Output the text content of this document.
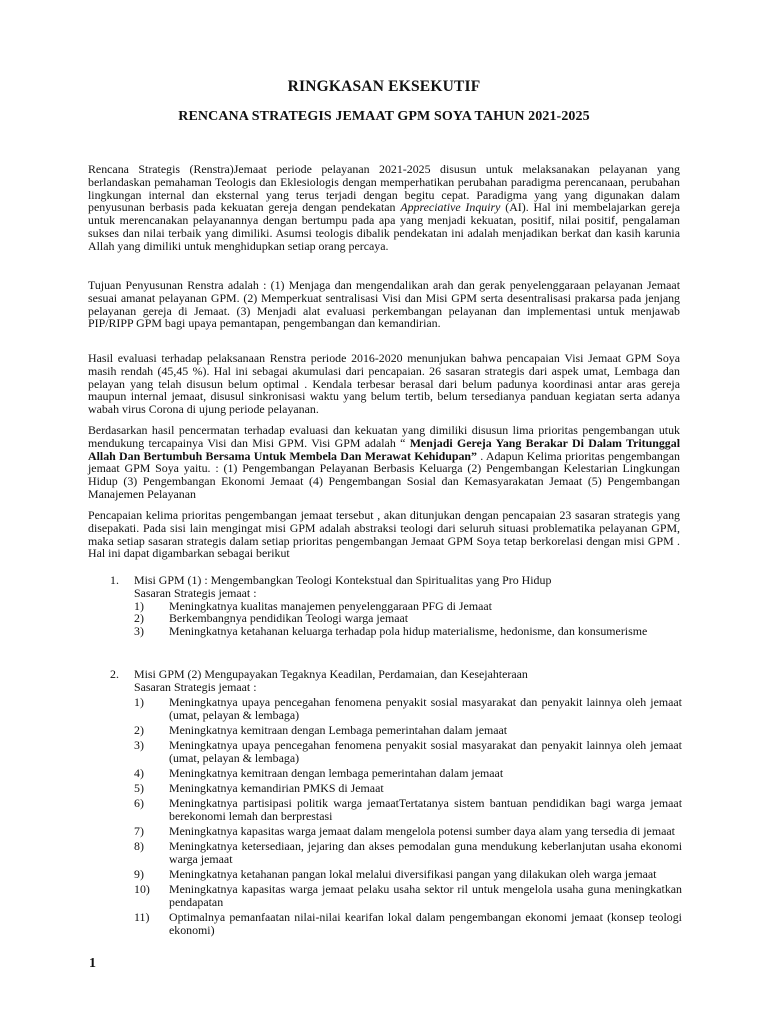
RINGKASAN EKSEKUTIF
RENCANA STRATEGIS JEMAAT GPM SOYA TAHUN 2021-2025
Rencana Strategis (Renstra)Jemaat periode pelayanan 2021-2025 disusun untuk melaksanakan pelayanan yang berlandaskan pemahaman Teologis dan Eklesiologis dengan memperhatikan perubahan paradigma perencanaan, perubahan lingkungan internal dan eksternal yang terus terjadi dengan begitu cepat. Paradigma yang yang digunakan dalam penyusunan berbasis pada kekuatan gereja dengan pendekatan Appreciative Inquiry (AI). Hal ini membelajarkan gereja untuk merencanakan pelayanannya dengan bertumpu pada apa yang menjadi kekuatan, positif, nilai positif, pengalaman sukses dan nilai terbaik yang dimiliki. Asumsi teologis dibalik pendekatan ini adalah menjadikan berkat dan kasih karunia Allah yang dimiliki untuk menghidupkan setiap orang percaya.
Tujuan Penyusunan Renstra adalah : (1) Menjaga dan mengendalikan arah dan gerak penyelenggaraan pelayanan Jemaat sesuai amanat pelayanan GPM. (2) Memperkuat sentralisasi Visi dan Misi GPM serta desentralisasi prakarsa pada jenjang pelayanan gereja di Jemaat. (3) Menjadi alat evaluasi perkembangan pelayanan dan implementasi untuk menjawab PIP/RIPP GPM bagi upaya pemantapan, pengembangan dan kemandirian.
Hasil evaluasi terhadap pelaksanaan Renstra periode 2016-2020 menunjukan bahwa pencapaian Visi Jemaat GPM Soya masih rendah (45,45 %). Hal ini sebagai akumulasi dari pencapaian. 26 sasaran strategis dari aspek umat, Lembaga dan pelayan yang telah disusun belum optimal . Kendala terbesar berasal dari belum padunya koordinasi antar aras gereja maupun internal jemaat, disusul sinkronisasi waktu yang belum tertib, belum tersedianya panduan kegiatan serta adanya wabah virus Corona di ujung periode pelayanan.
Berdasarkan hasil pencermatan terhadap evaluasi dan kekuatan yang dimiliki disusun lima prioritas pengembangan utuk mendukung tercapainya Visi dan Misi GPM. Visi GPM adalah “ Menjadi Gereja Yang Berakar Di Dalam Tritunggal Allah Dan Bertumbuh Bersama Untuk Membela Dan Merawat Kehidupan” . Adapun Kelima prioritas pengembangan jemaat GPM Soya yaitu. : (1) Pengembangan Pelayanan Berbasis Keluarga (2) Pengembangan Kelestarian Lingkungan Hidup (3) Pengembangan Ekonomi Jemaat (4) Pengembangan Sosial dan Kemasyarakatan Jemaat (5) Pengembangan Manajemen Pelayanan
Pencapaian kelima prioritas pengembangan jemaat tersebut , akan ditunjukan dengan pencapaian 23 sasaran strategis yang disepakati. Pada sisi lain mengingat misi GPM adalah abstraksi teologi dari seluruh situasi problematika pelayanan GPM, maka setiap sasaran strategis dalam setiap prioritas pengembangan Jemaat GPM Soya tetap berkorelasi dengan misi GPM . Hal ini dapat digambarkan sebagai berikut
1. Misi GPM (1) : Mengembangkan Teologi Kontekstual dan Spiritualitas yang Pro Hidup
Sasaran Strategis jemaat :
1)	Meningkatnya kualitas manajemen penyelenggaraan PFG di Jemaat
2)	Berkembangnya pendidikan Teologi warga jemaat
3)	Meningkatnya ketahanan keluarga terhadap pola hidup materialisme, hedonisme, dan konsumerisme
2. Misi GPM (2) Mengupayakan Tegaknya Keadilan, Perdamaian, dan Kesejahteraan
Sasaran Strategis jemaat :
1)	Meningkatnya upaya pencegahan fenomena penyakit sosial masyarakat dan penyakit lainnya oleh jemaat (umat, pelayan & lembaga)
2)	Meningkatnya kemitraan dengan Lembaga pemerintahan dalam jemaat
3)	Meningkatnya upaya pencegahan fenomena penyakit sosial masyarakat dan penyakit lainnya oleh jemaat (umat, pelayan & lembaga)
4)	Meningkatnya kemitraan dengan lembaga pemerintahan dalam jemaat
5)	Meningkatnya kemandirian PMKS di Jemaat
6)	Meningkatnya partisipasi politik warga jemaatTertatanya sistem bantuan pendidikan bagi warga jemaat berekonomi lemah dan berprestasi
7)	Meningkatnya kapasitas warga jemaat dalam mengelola potensi sumber daya alam yang tersedia di jemaat
8)	Meningkatnya ketersediaan, jejaring dan akses pemodalan guna mendukung keberlanjutan usaha ekonomi warga jemaat
9)	Meningkatnya ketahanan pangan lokal melalui diversifikasi pangan yang dilakukan oleh warga jemaat
10)	Meningkatnya kapasitas warga jemaat pelaku usaha sektor ril untuk mengelola usaha guna meningkatkan pendapatan
11)	Optimalnya pemanfaatan nilai-nilai kearifan lokal dalam pengembangan ekonomi jemaat (konsep teologi ekonomi)
1
